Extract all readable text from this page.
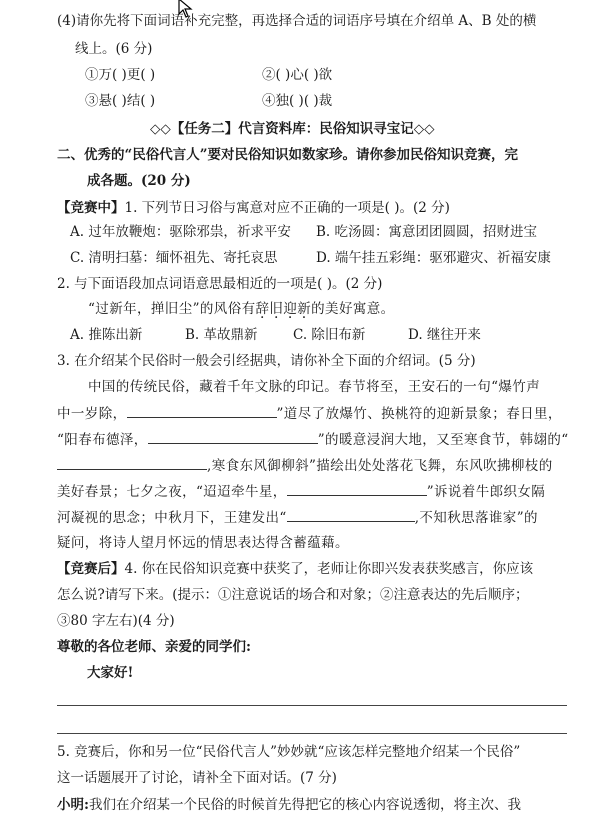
(4)请你先将下面词语补充完整，再选择合适的词语序号填在介绍单 A、B 处的横
线上。(6 分)
①万( )更( )	②( )心( )欲
③悬( )结( )	④独( )( )裁
◇◇【任务二】代言资料库：民俗知识寻宝记◇◇
二、优秀的“民俗代言人”要对民俗知识如数家珍。请你参加民俗知识竞赛，完
成各题。(20 分)
【竞赛中】1. 下列节日习俗与寓意对应不正确的一项是( )。(2 分)
A. 过年放鞭炮：驱除邪祟，祈求平安 B. 吃汤圆：寓意团团圆圆，招财进宝
C. 清明扫墓：缅怀祖先、寄托哀思	D. 端午挂五彩绳：驱邪避灾、祈福安康
2. 与下面语段加点词语意思最相近的一项是( )。(2 分)
“过新年，掸旧尘”的风俗有辞旧迎新的美好寓意。
A. 推陈出新	B. 革故鼎新	C. 除旧布新	D. 继往开来
3. 在介绍某个民俗时一般会引经据典，请你补全下面的介绍词。(5 分)
中国的传统民俗，藏着千年文脉的印记。春节将至，王安石的一句“爆竹声
中一岁除，	”道尽了放爆竹、换桃符的迎新景象；春日里，
“阳春布德泽，	”的暖意浸润大地，又至寒食节，韩翃的“
,寒食东风御柳斜”描绘出处处落花飞舞，东风吹拂柳枝的
美好春景；七夕之夜，“迢迢牵牛星，	”诉说着牛郎织女隔
河凝视的思念；中秋月下，王建发出“	,不知秋思落谁家”的
疑问，将诗人望月怀远的情思表达得含蓄蕴藉。
【竞赛后】4. 你在民俗知识竞赛中获奖了，老师让你即兴发表获奖感言，你应该
怎么说?请写下来。(提示：①注意说话的场合和对象；②注意表达的先后顺序；
③80 字左右)(4 分)
尊敬的各位老师、亲爱的同学们:
大家好!
5. 竞赛后，你和另一位“民俗代言人”妙妙就“应该怎样完整地介绍某一个民俗”
这一话题展开了讨论，请补全下面对话。(7 分)
小明:我们在介绍某一个民俗的时候首先得把它的核心内容说透彻，将主次、我
